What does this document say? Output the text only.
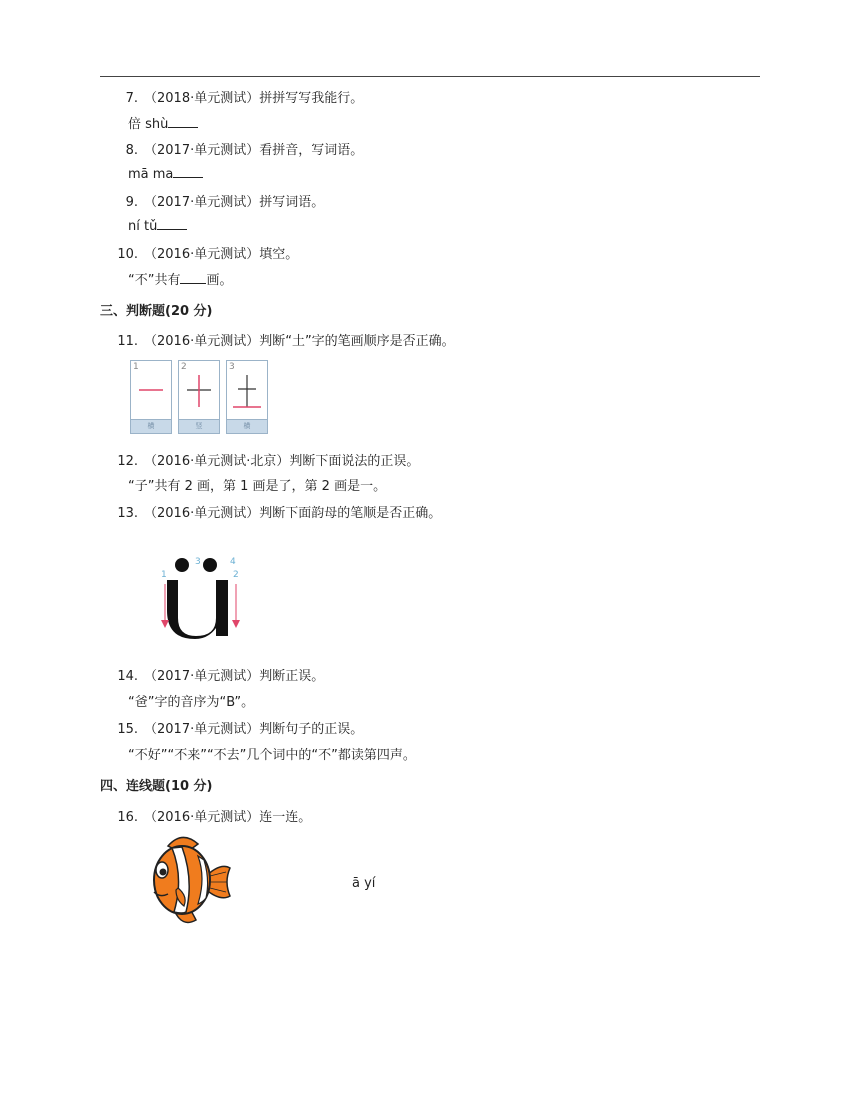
7. （2018·单元测试）拼拼写写我能行。
倍 shù
8. （2017·单元测试）看拼音，写词语。
mā ma
9. （2017·单元测试）拼写词语。
ní tǔ
10. （2016·单元测试）填空。
“不”共有 画。
三、判断题(20 分)
11. （2016·单元测试）判断“土”字的笔画顺序是否正确。
1
横
2
竖
3
横
12. （2016·单元测试·北京）判断下面说法的正误。
“子”共有 2 画，第 1 画是了，第 2 画是一。
13. （2016·单元测试）判断下面韵母的笔顺是否正确。
3	4
1	2
14. （2017·单元测试）判断正误。
“爸”字的音序为“B”。
15. （2017·单元测试）判断句子的正误。
“不好”“不来”“不去”几个词中的“不”都读第四声。
四、连线题(10 分)
16. （2016·单元测试）连一连。
ā yí
